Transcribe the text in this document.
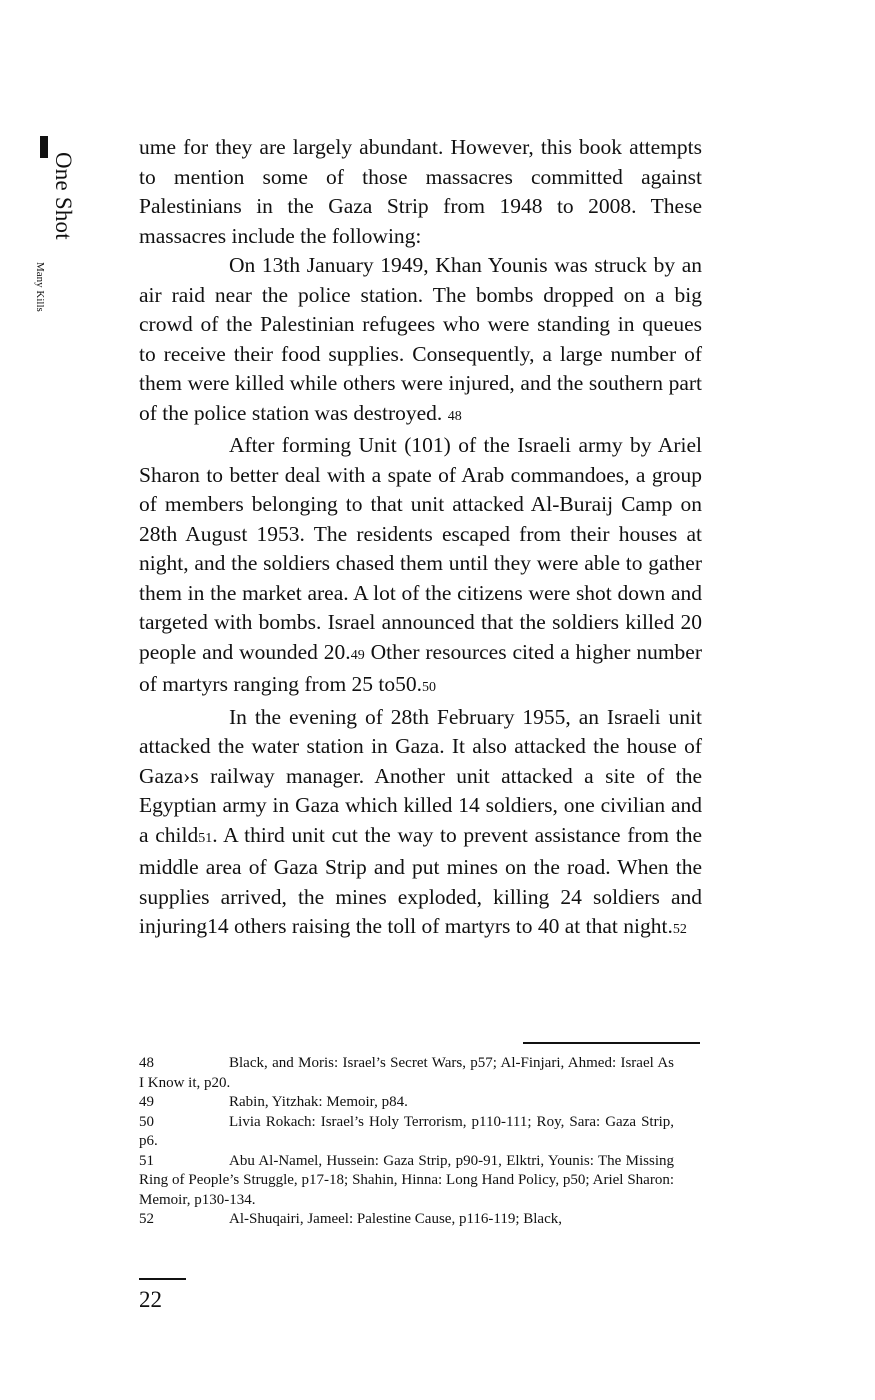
One Shot
Many Kills

ume for they are largely abundant. However, this book attempts to mention some of those massacres committed against Palestinians in the Gaza Strip from 1948 to 2008. These massacres include the following:

On 13th January 1949, Khan Younis was struck by an air raid near the police station. The bombs dropped on a big crowd of the Palestinian refugees who were standing in queues to receive their food supplies. Consequently, a large number of them were killed while others were injured, and the southern part of the police station was destroyed. 48

After forming Unit (101) of the Israeli army by Ariel Sharon to better deal with a spate of Arab commandoes, a group of members belonging to that unit attacked Al-Buraij Camp on 28th August 1953. The residents escaped from their houses at night, and the soldiers chased them until they were able to gather them in the market area. A lot of the citizens were shot down and targeted with bombs. Israel announced that the soldiers killed 20 people and wounded 20.49 Other resources cited a higher number of martyrs ranging from 25 to50.50

In the evening of 28th February 1955, an Israeli unit attacked the water station in Gaza. It also attacked the house of Gaza›s railway manager. Another unit attacked a site of the Egyptian army in Gaza which killed 14 soldiers, one civilian and a child51. A third unit cut the way to prevent assistance from the middle area of Gaza Strip and put mines on the road. When the supplies arrived, the mines exploded, killing 24 soldiers and injuring14 others raising the toll of martyrs to 40 at that night.52

48	Black, and Moris: Israel’s Secret Wars, p57; Al-Finjari, Ahmed: Israel As I Know it, p20.

49	Rabin, Yitzhak: Memoir, p84.

50	Livia Rokach: Israel’s Holy Terrorism, p110-111; Roy, Sara: Gaza Strip, p6.

51	Abu Al-Namel, Hussein: Gaza Strip, p90-91, Elktri, Younis: The Missing Ring of People’s Struggle, p17-18; Shahin, Hinna: Long Hand Policy, p50; Ariel Sharon: Memoir, p130-134.

52	Al-Shuqairi, Jameel: Palestine Cause, p116-119; Black,

22
